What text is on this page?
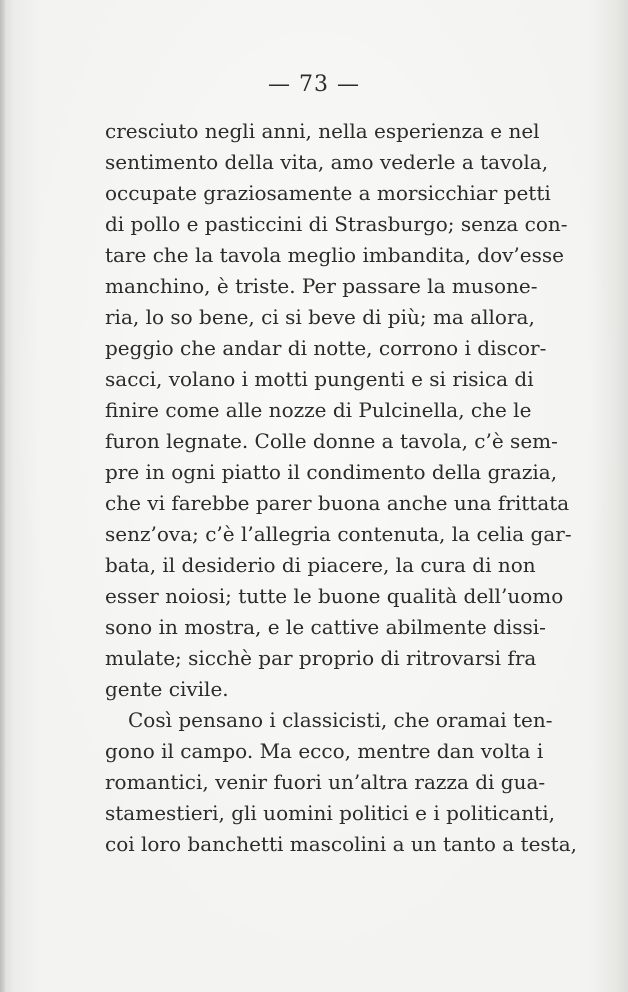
— 73 —
cresciuto negli anni, nella esperienza e nel
sentimento della vita, amo vederle a tavola,
occupate graziosamente a morsicchiar petti
di pollo e pasticcini di Strasburgo; senza con-
tare che la tavola meglio imbandita, dov’esse
manchino, è triste. Per passare la musone-
ria, lo so bene, ci si beve di più; ma allora,
peggio che andar di notte, corrono i discor-
sacci, volano i motti pungenti e si risica di
finire come alle nozze di Pulcinella, che le
furon legnate. Colle donne a tavola, c’è sem-
pre in ogni piatto il condimento della grazia,
che vi farebbe parer buona anche una frittata
senz’ova; c’è l’allegria contenuta, la celia gar-
bata, il desiderio di piacere, la cura di non
esser noiosi; tutte le buone qualità dell’uomo
sono in mostra, e le cattive abilmente dissi-
mulate; sicchè par proprio di ritrovarsi fra
gente civile.
Così pensano i classicisti, che oramai ten-
gono il campo. Ma ecco, mentre dan volta i
romantici, venir fuori un’altra razza di gua-
stamestieri, gli uomini politici e i politicanti,
coi loro banchetti mascolini a un tanto a testa,
